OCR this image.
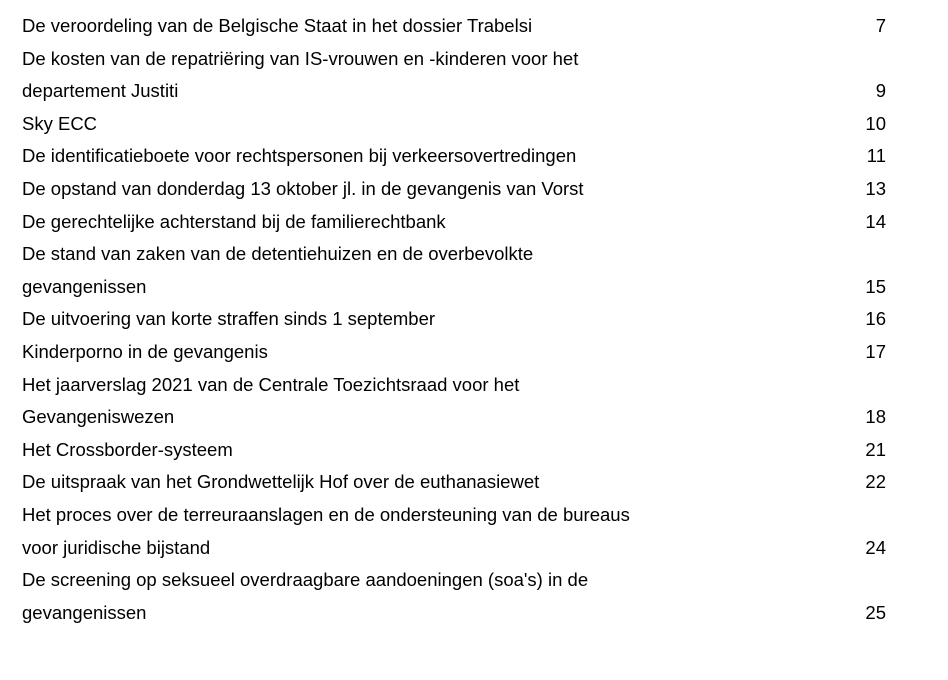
De veroordeling van de Belgische Staat in het dossier Trabelsi	7
De kosten van de repatriëring van IS-vrouwen en -kinderen voor het
departement Justiti	9
Sky ECC	10
De identificatieboete voor rechtspersonen bij verkeersovertredingen	11
De opstand van donderdag 13 oktober jl. in de gevangenis van Vorst	13
De gerechtelijke achterstand bij de familierechtbank	14
De stand van zaken van de detentiehuizen en de overbevolkte
gevangenissen	15
De uitvoering van korte straffen sinds 1 september	16
Kinderporno in de gevangenis	17
Het jaarverslag 2021 van de Centrale Toezichtsraad voor het
Gevangeniswezen	18
Het Crossborder-systeem	21
De uitspraak van het Grondwettelijk Hof over de euthanasiewet	22
Het proces over de terreuraanslagen en de ondersteuning van de bureaus
voor juridische bijstand	24
De screening op seksueel overdraagbare aandoeningen (soa's) in de
gevangenissen	25
